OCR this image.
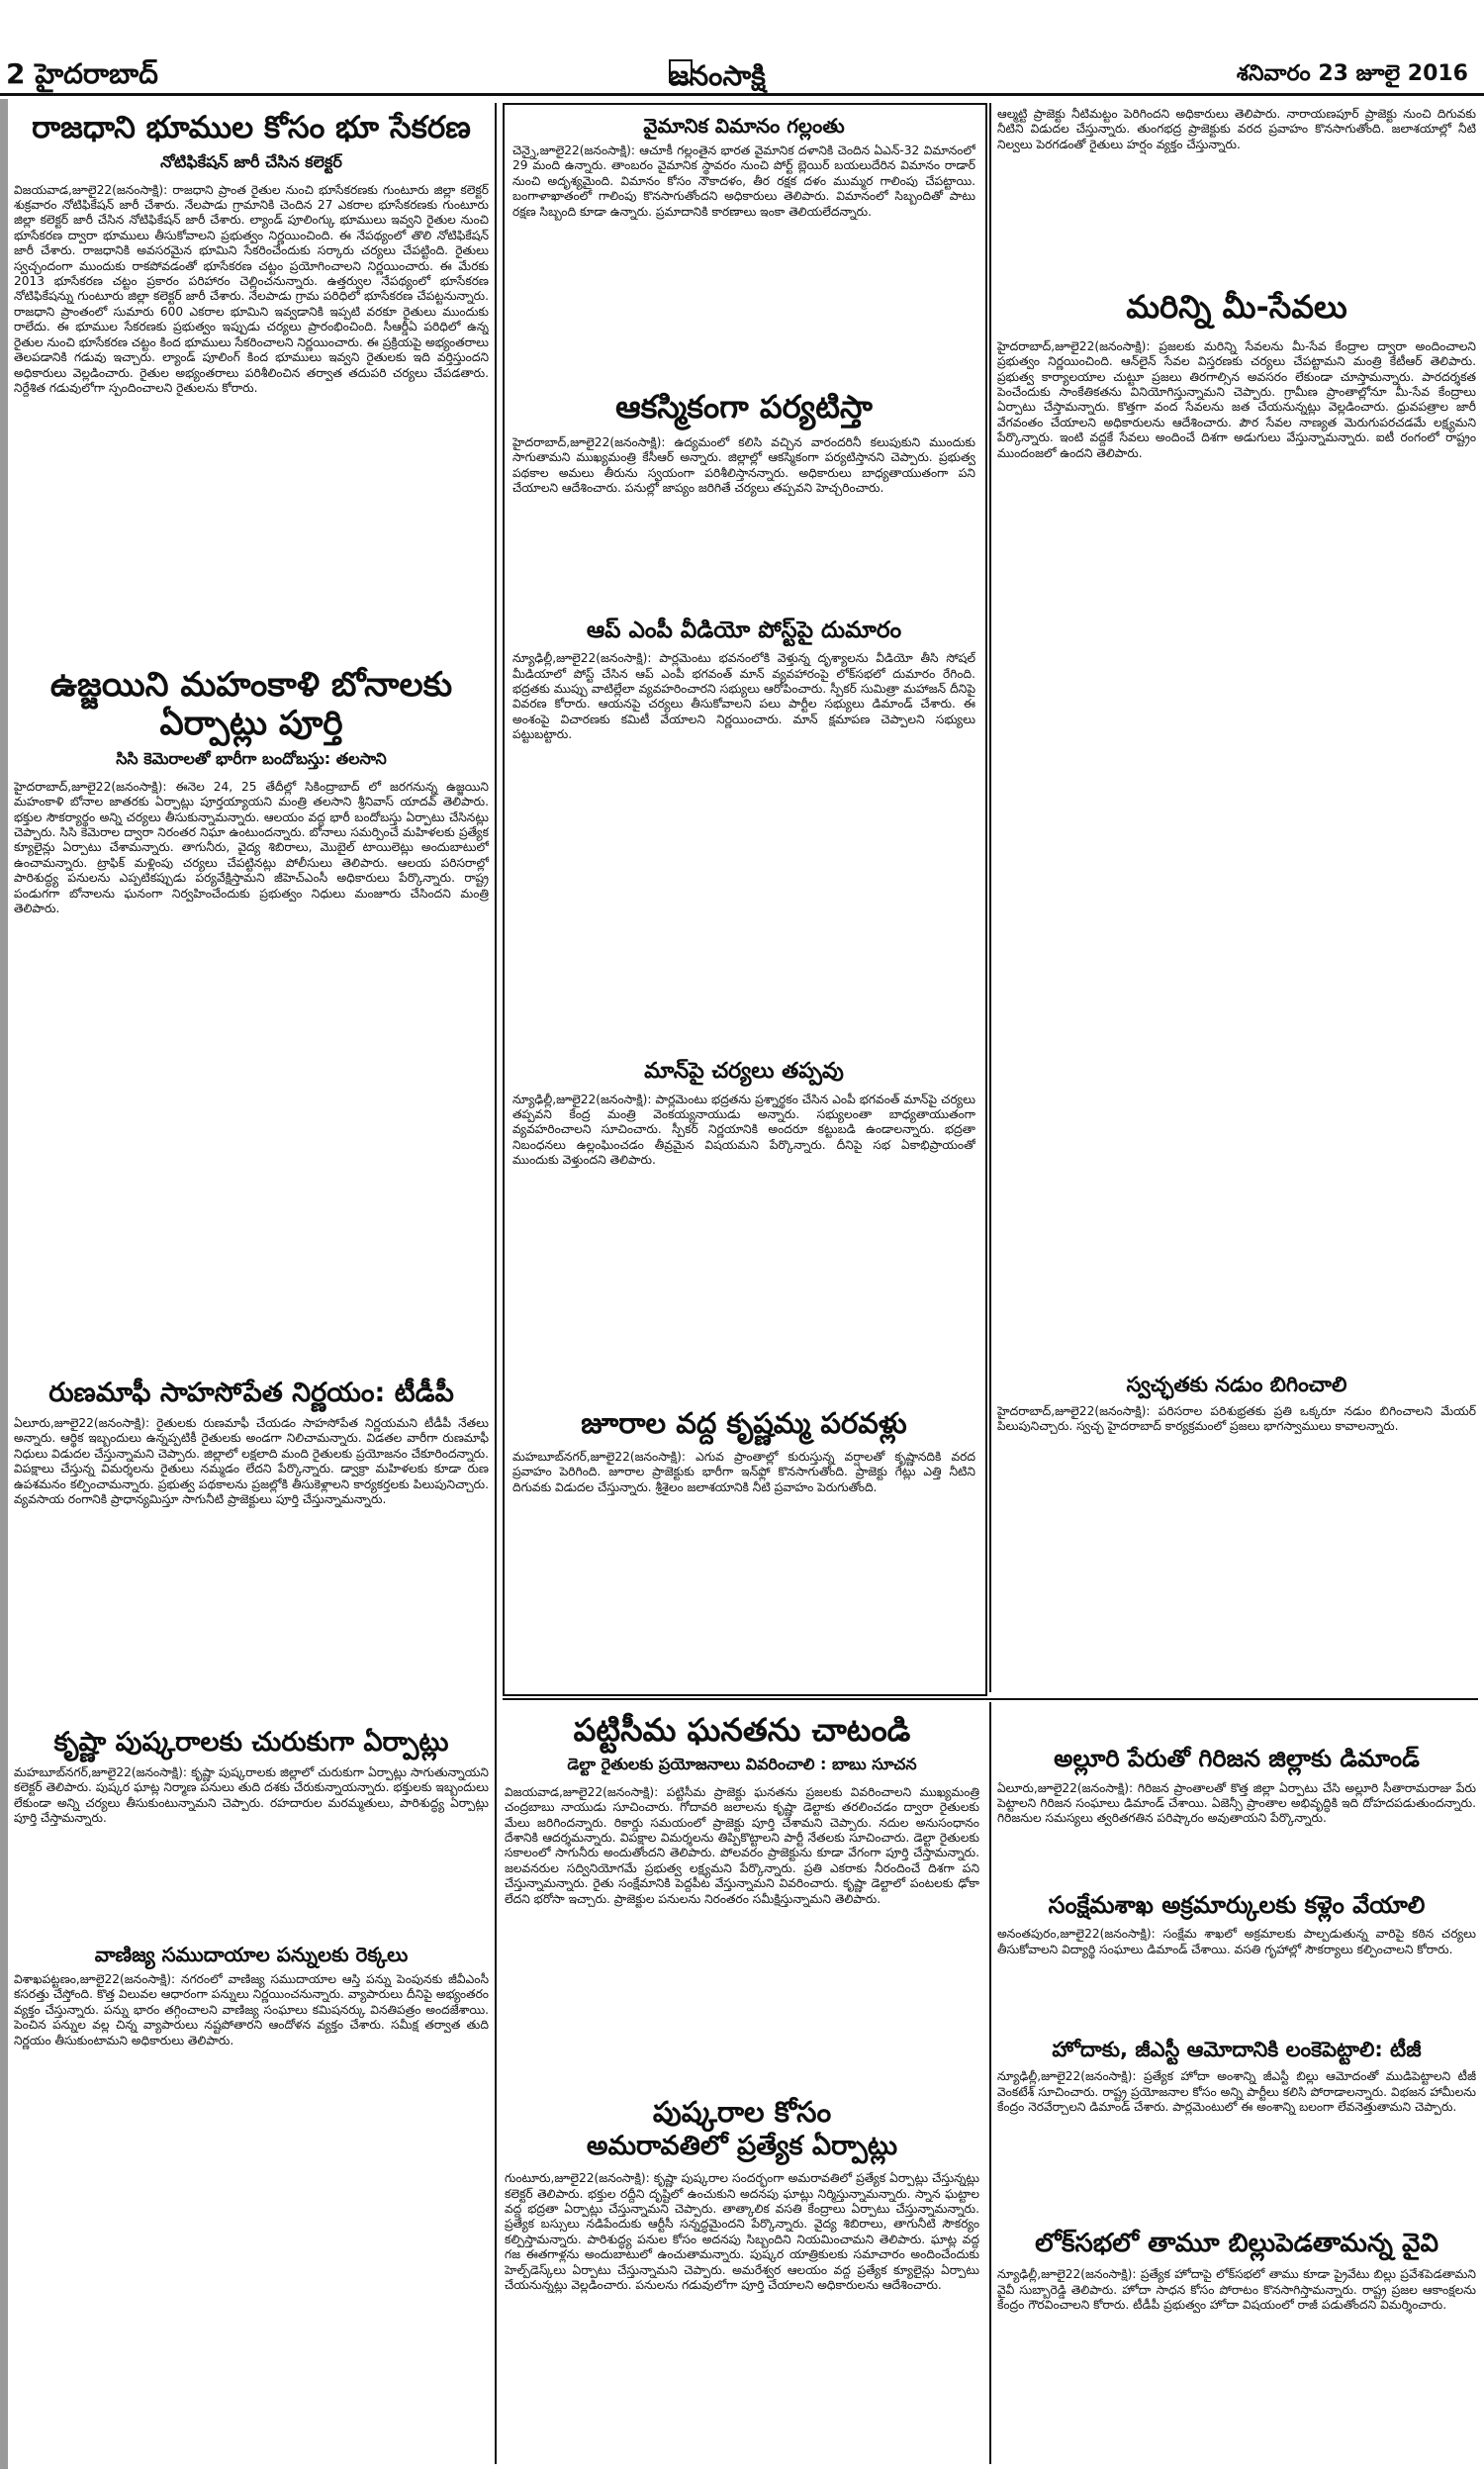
2 హైదరాబాద్	జనంసాక్షి	శనివారం 23 జూలై 2016
రాజధాని భూముల కోసం భూ సేకరణ
నోటిఫికేషన్ జారీ చేసిన కలెక్టర్

విజయవాడ,జూలై22(జనంసాక్షి): రాజధాని ప్రాంత రైతుల నుంచి భూసేకరణకు గుంటూరు జిల్లా కలెక్టర్ శుక్రవారం నోటిఫికేషన్ జారీ చేశారు. నేలపాడు గ్రామానికి చెందిన 27 ఎకరాల భూసేకరణకు గుంటూరు జిల్లా కలెక్టర్ జారీ చేసిన నోటిఫికేషన్ జారీ చేశారు. ల్యాండ్ పూలింగ్కు భూములు ఇవ్వని రైతుల నుంచి భూసేకరణ ద్వారా భూములు తీసుకోవాలని ప్రభుత్వం నిర్ణయించింది. ఈ నేపథ్యంలో తొలి నోటిఫికేషన్ జారీ చేశారు. రాజధానికి అవసరమైన భూమిని సేకరించేందుకు సర్కారు చర్యలు చేపట్టింది. రైతులు స్వచ్ఛందంగా ముందుకు రాకపోవడంతో భూసేకరణ చట్టం ప్రయోగించాలని నిర్ణయించారు. ఈ మేరకు 2013 భూసేకరణ చట్టం ప్రకారం పరిహారం చెల్లించనున్నారు. ఉత్తర్వుల నేపథ్యంలో భూసేకరణ నోటిఫికేషన్ను గుంటూరు జిల్లా కలెక్టర్ జారీ చేశారు. నేలపాడు గ్రామ పరిధిలో భూసేకరణ చేపట్టనున్నారు. రాజధాని ప్రాంతంలో సుమారు 600 ఎకరాల భూమిని ఇవ్వడానికి ఇప్పటి వరకూ రైతులు ముందుకు రాలేదు. ఈ భూముల సేకరణకు ప్రభుత్వం ఇప్పుడు చర్యలు ప్రారంభించింది. సీఆర్డీఏ పరిధిలో ఉన్న రైతుల నుంచి భూసేకరణ చట్టం కింద భూములు సేకరించాలని నిర్ణయించారు. ఈ ప్రక్రియపై అభ్యంతరాలు తెలపడానికి గడువు ఇచ్చారు. ల్యాండ్ పూలింగ్ కింద భూములు ఇవ్వని రైతులకు ఇది వర్తిస్తుందని అధికారులు వెల్లడించారు. రైతుల అభ్యంతరాలు పరిశీలించిన తర్వాత తదుపరి చర్యలు చేపడతారు. నిర్దేశిత గడువులోగా స్పందించాలని రైతులను కోరారు.

ఉజ్జయిని మహంకాళి బోనాలకు ఏర్పాట్లు పూర్తి
సిసి కెమెరాలతో భారీగా బందోబస్తు: తలసాని

హైదరాబాద్,జూలై22(జనంసాక్షి): ఈనెల 24, 25 తేదీల్లో సికింద్రాబాద్ లో జరగనున్న ఉజ్జయిని మహంకాళి బోనాల జాతరకు ఏర్పాట్లు పూర్తయ్యాయని మంత్రి తలసాని శ్రీనివాస్ యాదవ్ తెలిపారు. భక్తుల సౌకర్యార్థం అన్ని చర్యలు తీసుకున్నామన్నారు. ఆలయం వద్ద భారీ బందోబస్తు ఏర్పాటు చేసినట్లు చెప్పారు. సిసి కెమెరాల ద్వారా నిరంతర నిఘా ఉంటుందన్నారు. బోనాలు సమర్పించే మహిళలకు ప్రత్యేక క్యూలైన్లు ఏర్పాటు చేశామన్నారు. తాగునీరు, వైద్య శిబిరాలు, మొబైల్ టాయిలెట్లు అందుబాటులో ఉంచామన్నారు. ట్రాఫిక్ మళ్లింపు చర్యలు చేపట్టినట్లు పోలీసులు తెలిపారు. ఆలయ పరిసరాల్లో పారిశుద్ధ్య పనులను ఎప్పటికప్పుడు పర్యవేక్షిస్తామని జీహెచ్ఎంసీ అధికారులు పేర్కొన్నారు. రాష్ట్ర పండుగగా బోనాలను ఘనంగా నిర్వహించేందుకు ప్రభుత్వం నిధులు మంజూరు చేసిందని మంత్రి తెలిపారు.

రుణమాఫీ సాహసోపేత నిర్ణయం: టీడీపీ

ఏలూరు,జూలై22(జనంసాక్షి): రైతులకు రుణమాఫీ చేయడం సాహసోపేత నిర్ణయమని టీడీపీ నేతలు అన్నారు. ఆర్థిక ఇబ్బందులు ఉన్నప్పటికీ రైతులకు అండగా నిలిచామన్నారు. విడతల వారీగా రుణమాఫీ నిధులు విడుదల చేస్తున్నామని చెప్పారు. జిల్లాలో లక్షలాది మంది రైతులకు ప్రయోజనం చేకూరిందన్నారు. విపక్షాలు చేస్తున్న విమర్శలను రైతులు నమ్మడం లేదని పేర్కొన్నారు. డ్వాక్రా మహిళలకు కూడా రుణ ఉపశమనం కల్పించామన్నారు. ప్రభుత్వ పథకాలను ప్రజల్లోకి తీసుకెళ్లాలని కార్యకర్తలకు పిలుపునిచ్చారు. వ్యవసాయ రంగానికి ప్రాధాన్యమిస్తూ సాగునీటి ప్రాజెక్టులు పూర్తి చేస్తున్నామన్నారు.

కృష్ణా పుష్కరాలకు చురుకుగా ఏర్పాట్లు

మహబూబ్‌నగర్,జూలై22(జనంసాక్షి): కృష్ణా పుష్కరాలకు జిల్లాలో చురుకుగా ఏర్పాట్లు సాగుతున్నాయని కలెక్టర్ తెలిపారు. పుష్కర ఘాట్ల నిర్మాణ పనులు తుది దశకు చేరుకున్నాయన్నారు. భక్తులకు ఇబ్బందులు లేకుండా అన్ని చర్యలు తీసుకుంటున్నామని చెప్పారు. రహదారుల మరమ్మతులు, పారిశుద్ధ్య ఏర్పాట్లు పూర్తి చేస్తామన్నారు.

వాణిజ్య సముదాయాల పన్నులకు రెక్కలు

విశాఖపట్టణం,జూలై22(జనంసాక్షి): నగరంలో వాణిజ్య సముదాయాల ఆస్తి పన్ను పెంపునకు జీవీఎంసీ కసరత్తు చేస్తోంది. కొత్త విలువల ఆధారంగా పన్నులు నిర్ణయించనున్నారు. వ్యాపారులు దీనిపై అభ్యంతరం వ్యక్తం చేస్తున్నారు. పన్ను భారం తగ్గించాలని వాణిజ్య సంఘాలు కమిషనర్కు వినతిపత్రం అందజేశాయి. పెంచిన పన్నుల వల్ల చిన్న వ్యాపారులు నష్టపోతారని ఆందోళన వ్యక్తం చేశారు. సమీక్ష తర్వాత తుది నిర్ణయం తీసుకుంటామని అధికారులు తెలిపారు.

వైమానిక విమానం గల్లంతు

చెన్నై,జూలై22(జనంసాక్షి): ఆచూకీ గల్లంతైన భారత వైమానిక దళానికి చెందిన ఏఎన్-32 విమానంలో 29 మంది ఉన్నారు. తాంబరం వైమానిక స్థావరం నుంచి పోర్ట్ బ్లెయిర్ బయలుదేరిన విమానం రాడార్ నుంచి అదృశ్యమైంది. విమానం కోసం నౌకాదళం, తీర రక్షక దళం ముమ్మర గాలింపు చేపట్టాయి. బంగాళాఖాతంలో గాలింపు కొనసాగుతోందని అధికారులు తెలిపారు. విమానంలో సిబ్బందితో పాటు రక్షణ సిబ్బంది కూడా ఉన్నారు. ప్రమాదానికి కారణాలు ఇంకా తెలియలేదన్నారు.

ఆకస్మికంగా పర్యటిస్తా

హైదరాబాద్,జూలై22(జనంసాక్షి): ఉద్యమంలో కలిసి వచ్చిన వారందరినీ కలుపుకుని ముందుకు సాగుతామని ముఖ్యమంత్రి కేసీఆర్ అన్నారు. జిల్లాల్లో ఆకస్మికంగా పర్యటిస్తానని చెప్పారు. ప్రభుత్వ పథకాల అమలు తీరును స్వయంగా పరిశీలిస్తానన్నారు. అధికారులు బాధ్యతాయుతంగా పని చేయాలని ఆదేశించారు. పనుల్లో జాప్యం జరిగితే చర్యలు తప్పవని హెచ్చరించారు.

ఆప్ ఎంపీ వీడియో పోస్ట్‌పై దుమారం

న్యూఢిల్లీ,జూలై22(జనంసాక్షి): పార్లమెంటు భవనంలోకి వెళ్తున్న దృశ్యాలను వీడియో తీసి సోషల్ మీడియాలో పోస్ట్ చేసిన ఆప్ ఎంపీ భగవంత్ మాన్ వ్యవహారంపై లోక్‌సభలో దుమారం రేగింది. భద్రతకు ముప్పు వాటిల్లేలా వ్యవహరించారని సభ్యులు ఆరోపించారు. స్పీకర్ సుమిత్రా మహాజన్ దీనిపై వివరణ కోరారు. ఆయనపై చర్యలు తీసుకోవాలని పలు పార్టీల సభ్యులు డిమాండ్ చేశారు. ఈ అంశంపై విచారణకు కమిటీ వేయాలని నిర్ణయించారు. మాన్ క్షమాపణ చెప్పాలని సభ్యులు పట్టుబట్టారు.

మాన్‌పై చర్యలు తప్పవు

న్యూఢిల్లీ,జూలై22(జనంసాక్షి): పార్లమెంటు భద్రతను ప్రశ్నార్థకం చేసిన ఎంపీ భగవంత్ మాన్‌పై చర్యలు తప్పవని కేంద్ర మంత్రి వెంకయ్యనాయుడు అన్నారు. సభ్యులంతా బాధ్యతాయుతంగా వ్యవహరించాలని సూచించారు. స్పీకర్ నిర్ణయానికి అందరూ కట్టుబడి ఉండాలన్నారు. భద్రతా నిబంధనలు ఉల్లంఘించడం తీవ్రమైన విషయమని పేర్కొన్నారు. దీనిపై సభ ఏకాభిప్రాయంతో ముందుకు వెళ్తుందని తెలిపారు.

జూరాల వద్ద కృష్ణమ్మ పరవళ్లు

మహబూబ్‌నగర్,జూలై22(జనంసాక్షి): ఎగువ ప్రాంతాల్లో కురుస్తున్న వర్షాలతో కృష్ణానదికి వరద ప్రవాహం పెరిగింది. జూరాల ప్రాజెక్టుకు భారీగా ఇన్‌ఫ్లో కొనసాగుతోంది. ప్రాజెక్టు గేట్లు ఎత్తి నీటిని దిగువకు విడుదల చేస్తున్నారు. శ్రీశైలం జలాశయానికి నీటి ప్రవాహం పెరుగుతోంది.

ఆల్మట్టి ప్రాజెక్టు నీటిమట్టం పెరిగిందని అధికారులు తెలిపారు. నారాయణపూర్ ప్రాజెక్టు నుంచి దిగువకు నీటిని విడుదల చేస్తున్నారు. తుంగభద్ర ప్రాజెక్టుకు వరద ప్రవాహం కొనసాగుతోంది. జలాశయాల్లో నీటి నిల్వలు పెరగడంతో రైతులు హర్షం వ్యక్తం చేస్తున్నారు.

మరిన్ని మీ-సేవలు

హైదరాబాద్,జూలై22(జనంసాక్షి): ప్రజలకు మరిన్ని సేవలను మీ-సేవ కేంద్రాల ద్వారా అందించాలని ప్రభుత్వం నిర్ణయించింది. ఆన్‌లైన్ సేవల విస్తరణకు చర్యలు చేపట్టామని మంత్రి కేటీఆర్ తెలిపారు. ప్రభుత్వ కార్యాలయాల చుట్టూ ప్రజలు తిరగాల్సిన అవసరం లేకుండా చూస్తామన్నారు. పారదర్శకత పెంచేందుకు సాంకేతికతను వినియోగిస్తున్నామని చెప్పారు. గ్రామీణ ప్రాంతాల్లోనూ మీ-సేవ కేంద్రాలు ఏర్పాటు చేస్తామన్నారు. కొత్తగా వంద సేవలను జత చేయనున్నట్లు వెల్లడించారు. ధ్రువపత్రాల జారీ వేగవంతం చేయాలని అధికారులను ఆదేశించారు. పౌర సేవల నాణ్యత మెరుగుపరచడమే లక్ష్యమని పేర్కొన్నారు. ఇంటి వద్దకే సేవలు అందించే దిశగా అడుగులు వేస్తున్నామన్నారు. ఐటీ రంగంలో రాష్ట్రం ముందంజలో ఉందని తెలిపారు.

స్వచ్ఛతకు నడుం బిగించాలి

హైదరాబాద్,జూలై22(జనంసాక్షి): పరిసరాల పరిశుభ్రతకు ప్రతి ఒక్కరూ నడుం బిగించాలని మేయర్ పిలుపునిచ్చారు. స్వచ్ఛ హైదరాబాద్ కార్యక్రమంలో ప్రజలు భాగస్వాములు కావాలన్నారు.

పట్టిసీమ ఘనతను చాటండి
డెల్టా రైతులకు ప్రయోజనాలు వివరించాలి : బాబు సూచన

విజయవాడ,జూలై22(జనంసాక్షి): పట్టిసీమ ప్రాజెక్టు ఘనతను ప్రజలకు వివరించాలని ముఖ్యమంత్రి చంద్రబాబు నాయుడు సూచించారు. గోదావరి జలాలను కృష్ణా డెల్టాకు తరలించడం ద్వారా రైతులకు మేలు జరిగిందన్నారు. రికార్డు సమయంలో ప్రాజెక్టు పూర్తి చేశామని చెప్పారు. నదుల అనుసంధానం దేశానికి ఆదర్శమన్నారు. విపక్షాల విమర్శలను తిప్పికొట్టాలని పార్టీ నేతలకు సూచించారు. డెల్టా రైతులకు సకాలంలో సాగునీరు అందుతోందని తెలిపారు. పోలవరం ప్రాజెక్టును కూడా వేగంగా పూర్తి చేస్తామన్నారు. జలవనరుల సద్వినియోగమే ప్రభుత్వ లక్ష్యమని పేర్కొన్నారు. ప్రతి ఎకరాకు నీరందించే దిశగా పని చేస్తున్నామన్నారు. రైతు సంక్షేమానికి పెద్దపీట వేస్తున్నామని వివరించారు. కృష్ణా డెల్టాలో పంటలకు ఢోకా లేదని భరోసా ఇచ్చారు. ప్రాజెక్టుల పనులను నిరంతరం సమీక్షిస్తున్నామని తెలిపారు.

పుష్కరాల కోసం
అమరావతిలో ప్రత్యేక ఏర్పాట్లు

గుంటూరు,జూలై22(జనంసాక్షి): కృష్ణా పుష్కరాల సందర్భంగా అమరావతిలో ప్రత్యేక ఏర్పాట్లు చేస్తున్నట్లు కలెక్టర్ తెలిపారు. భక్తుల రద్దీని దృష్టిలో ఉంచుకుని అదనపు ఘాట్లు నిర్మిస్తున్నామన్నారు. స్నాన ఘట్టాల వద్ద భద్రతా ఏర్పాట్లు చేస్తున్నామని చెప్పారు. తాత్కాలిక వసతి కేంద్రాలు ఏర్పాటు చేస్తున్నామన్నారు. ప్రత్యేక బస్సులు నడిపేందుకు ఆర్టీసీ సన్నద్ధమైందని పేర్కొన్నారు. వైద్య శిబిరాలు, తాగునీటి సౌకర్యం కల్పిస్తామన్నారు. పారిశుద్ధ్య పనుల కోసం అదనపు సిబ్బందిని నియమించామని తెలిపారు. ఘాట్ల వద్ద గజ ఈతగాళ్లను అందుబాటులో ఉంచుతామన్నారు. పుష్కర యాత్రికులకు సమాచారం అందించేందుకు హెల్ప్‌డెస్క్‌లు ఏర్పాటు చేస్తున్నామని చెప్పారు. అమరేశ్వర ఆలయం వద్ద ప్రత్యేక క్యూలైన్లు ఏర్పాటు చేయనున్నట్లు వెల్లడించారు. పనులను గడువులోగా పూర్తి చేయాలని అధికారులను ఆదేశించారు.

అల్లూరి పేరుతో గిరిజన జిల్లాకు డిమాండ్

ఏలూరు,జూలై22(జనంసాక్షి): గిరిజన ప్రాంతాలతో కొత్త జిల్లా ఏర్పాటు చేసి అల్లూరి సీతారామరాజు పేరు పెట్టాలని గిరిజన సంఘాలు డిమాండ్ చేశాయి. ఏజెన్సీ ప్రాంతాల అభివృద్ధికి ఇది దోహదపడుతుందన్నారు. గిరిజనుల సమస్యలు త్వరితగతిన పరిష్కారం అవుతాయని పేర్కొన్నారు.

సంక్షేమశాఖ అక్రమార్కులకు కళ్లెం వేయాలి

అనంతపురం,జూలై22(జనంసాక్షి): సంక్షేమ శాఖలో అక్రమాలకు పాల్పడుతున్న వారిపై కఠిన చర్యలు తీసుకోవాలని విద్యార్థి సంఘాలు డిమాండ్ చేశాయి. వసతి గృహాల్లో సౌకర్యాలు కల్పించాలని కోరారు.

హోదాకు, జీఎస్టీ ఆమోదానికి లంకెపెట్టాలి: టీజీ

న్యూఢిల్లీ,జూలై22(జనంసాక్షి): ప్రత్యేక హోదా అంశాన్ని జీఎస్టీ బిల్లు ఆమోదంతో ముడిపెట్టాలని టీజీ వెంకటేశ్ సూచించారు. రాష్ట్ర ప్రయోజనాల కోసం అన్ని పార్టీలు కలిసి పోరాడాలన్నారు. విభజన హామీలను కేంద్రం నెరవేర్చాలని డిమాండ్ చేశారు. పార్లమెంటులో ఈ అంశాన్ని బలంగా లేవనెత్తుతామని చెప్పారు.

లోక్‌సభలో తామూ బిల్లుపెడతామన్న వైవి

న్యూఢిల్లీ,జూలై22(జనంసాక్షి): ప్రత్యేక హోదాపై లోక్‌సభలో తాము కూడా ప్రైవేటు బిల్లు ప్రవేశపెడతామని వైవీ సుబ్బారెడ్డి తెలిపారు. హోదా సాధన కోసం పోరాటం కొనసాగిస్తామన్నారు. రాష్ట్ర ప్రజల ఆకాంక్షలను కేంద్రం గౌరవించాలని కోరారు. టీడీపీ ప్రభుత్వం హోదా విషయంలో రాజీ పడుతోందని విమర్శించారు.
